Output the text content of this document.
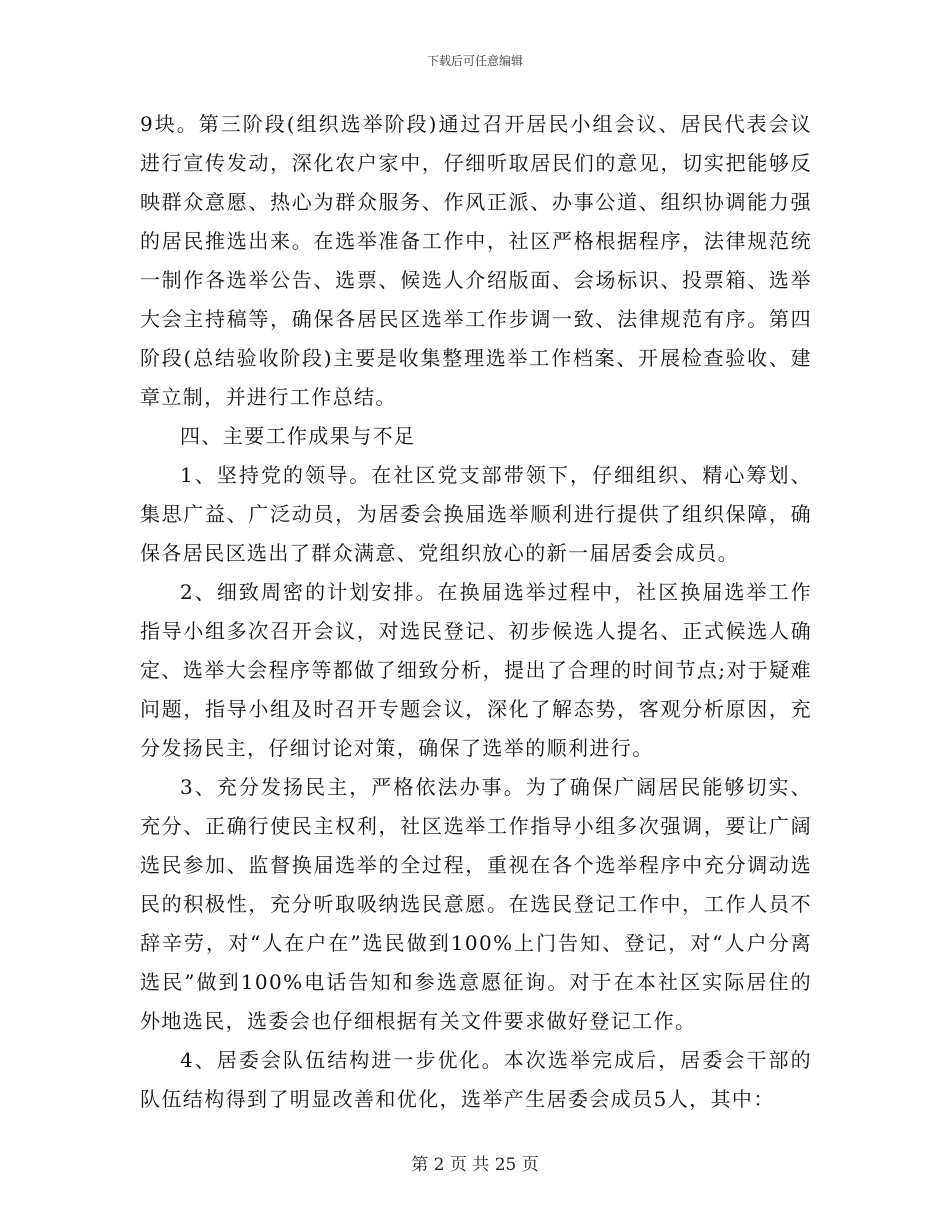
下载后可任意编辑

9块。第三阶段(组织选举阶段)通过召开居民小组会议、居民代表会议进行宣传发动，深化农户家中，仔细听取居民们的意见，切实把能够反映群众意愿、热心为群众服务、作风正派、办事公道、组织协调能力强的居民推选出来。在选举准备工作中，社区严格根据程序，法律规范统一制作各选举公告、选票、候选人介绍版面、会场标识、投票箱、选举大会主持稿等，确保各居民区选举工作步调一致、法律规范有序。第四阶段(总结验收阶段)主要是收集整理选举工作档案、开展检查验收、建章立制，并进行工作总结。

四、主要工作成果与不足

1、坚持党的领导。在社区党支部带领下，仔细组织、精心筹划、集思广益、广泛动员，为居委会换届选举顺利进行提供了组织保障，确保各居民区选出了群众满意、党组织放心的新一届居委会成员。

2、细致周密的计划安排。在换届选举过程中，社区换届选举工作指导小组多次召开会议，对选民登记、初步候选人提名、正式候选人确定、选举大会程序等都做了细致分析，提出了合理的时间节点;对于疑难问题，指导小组及时召开专题会议，深化了解态势，客观分析原因，充分发扬民主，仔细讨论对策，确保了选举的顺利进行。

3、充分发扬民主，严格依法办事。为了确保广阔居民能够切实、充分、正确行使民主权利，社区选举工作指导小组多次强调，要让广阔选民参加、监督换届选举的全过程，重视在各个选举程序中充分调动选民的积极性，充分听取吸纳选民意愿。在选民登记工作中，工作人员不辞辛劳，对“人在户在”选民做到100%上门告知、登记，对“人户分离选民”做到100%电话告知和参选意愿征询。对于在本社区实际居住的外地选民，选委会也仔细根据有关文件要求做好登记工作。

4、居委会队伍结构进一步优化。本次选举完成后，居委会干部的队伍结构得到了明显改善和优化，选举产生居委会成员5人，其中：

第 2 页 共 25 页
